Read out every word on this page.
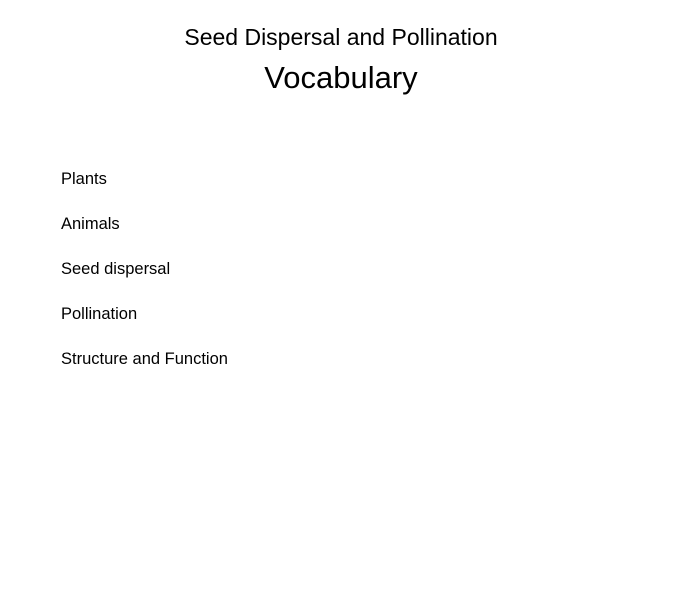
Seed Dispersal and Pollination
Vocabulary
Plants
Animals
Seed dispersal
Pollination
Structure and Function
